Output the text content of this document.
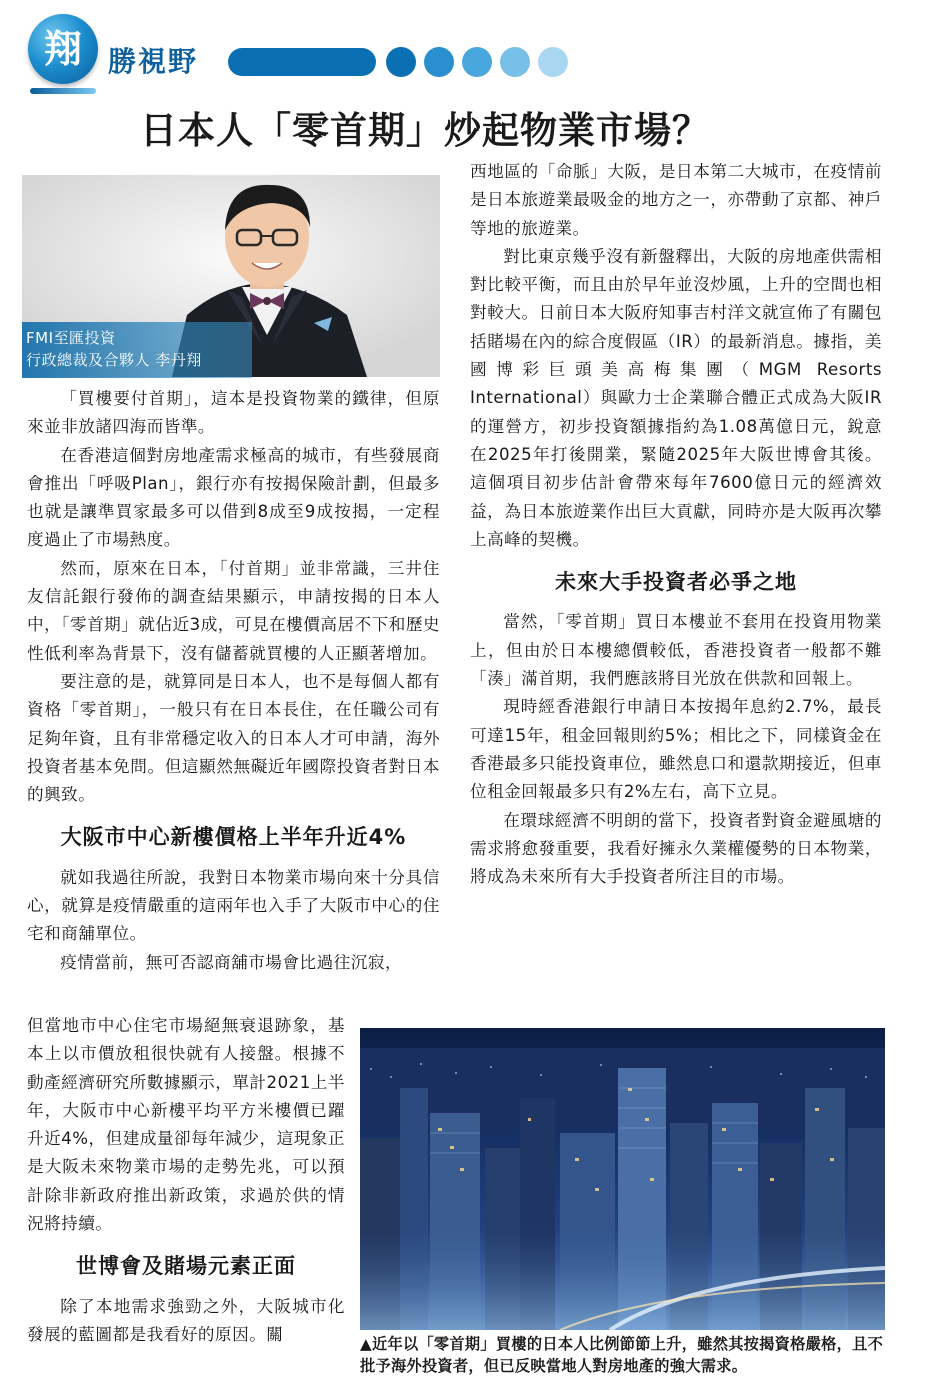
翔 勝視野
日本人「零首期」炒起物業市場？
FMI至匯投資
行政總裁及合夥人 李丹翔

「買樓要付首期」，這本是投資物業的鐵律，但原來並非放諸四海而皆準。

在香港這個對房地產需求極高的城市，有些發展商會推出「呼吸Plan」，銀行亦有按揭保險計劃，但最多也就是讓準買家最多可以借到8成至9成按揭，一定程度過止了市場熱度。

然而，原來在日本，「付首期」並非常識，三井住友信託銀行發佈的調查結果顯示，申請按揭的日本人中，「零首期」就佔近3成，可見在樓價高居不下和歷史性低利率為背景下，沒有儲蓄就買樓的人正顯著增加。

要注意的是，就算同是日本人，也不是每個人都有資格「零首期」，一般只有在日本長住，在任職公司有足夠年資，且有非常穩定收入的日本人才可申請，海外投資者基本免問。但這顯然無礙近年國際投資者對日本的興致。

大阪市中心新樓價格上半年升近4%

就如我過往所說，我對日本物業市場向來十分具信心，就算是疫情嚴重的這兩年也入手了大阪市中心的住宅和商舖單位。

疫情當前，無可否認商舖市場會比過往沉寂，

但當地市中心住宅市場絕無衰退跡象，基本上以市價放租很快就有人接盤。根據不動產經濟研究所數據顯示，單計2021上半年，大阪市中心新樓平均平方米樓價已躍升近4%，但建成量卻每年減少，這現象正是大阪未來物業市場的走勢先兆，可以預計除非新政府推出新政策，求過於供的情況將持續。

世博會及賭場元素正面

除了本地需求強勁之外，大阪城市化發展的藍圖都是我看好的原因。關

西地區的「命脈」大阪，是日本第二大城市，在疫情前是日本旅遊業最吸金的地方之一，亦帶動了京都、神戶等地的旅遊業。

對比東京幾乎沒有新盤釋出，大阪的房地產供需相對比較平衡，而且由於早年並沒炒風，上升的空間也相對較大。日前日本大阪府知事吉村洋文就宣佈了有關包括賭場在內的綜合度假區（IR）的最新消息。據指，美國博彩巨頭美高梅集團（MGM Resorts International）與歐力士企業聯合體正式成為大阪IR的運營方，初步投資額據指約為1.08萬億日元，銳意在2025年打後開業，緊隨2025年大阪世博會其後。這個項目初步估計會帶來每年7600億日元的經濟效益，為日本旅遊業作出巨大貢獻，同時亦是大阪再次攀上高峰的契機。

未來大手投資者必爭之地

當然，「零首期」買日本樓並不套用在投資用物業上，但由於日本樓總價較低，香港投資者一般都不難「湊」滿首期，我們應該將目光放在供款和回報上。

現時經香港銀行申請日本按揭年息約2.7%，最長可達15年，租金回報則約5%；相比之下，同樣資金在香港最多只能投資車位，雖然息口和還款期接近，但車位租金回報最多只有2%左右，高下立見。

在環球經濟不明朗的當下，投資者對資金避風塘的需求將愈發重要，我看好擁永久業權優勢的日本物業，將成為未來所有大手投資者所注目的市場。

▲近年以「零首期」買樓的日本人比例節節上升，雖然其按揭資格嚴格，且不批予海外投資者，但已反映當地人對房地產的強大需求。
